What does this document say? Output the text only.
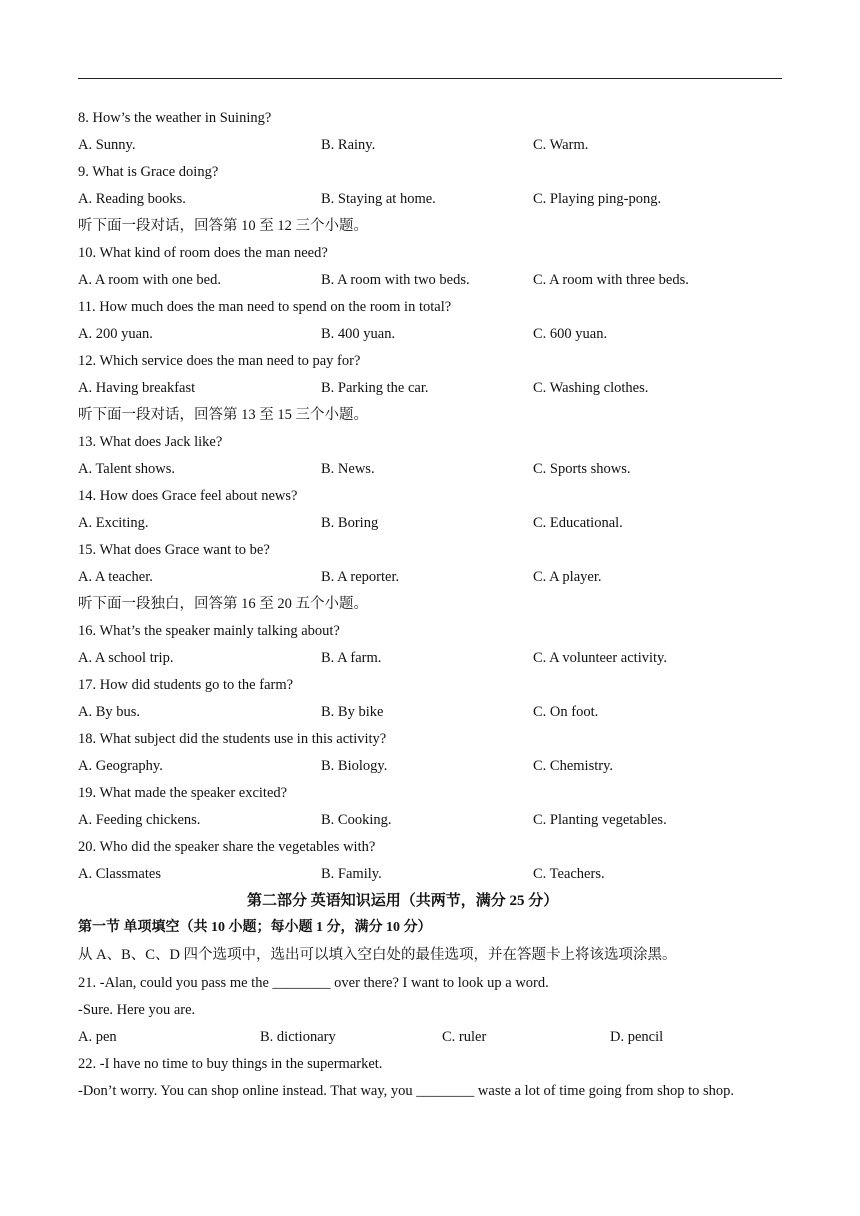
8. How’s the weather in Suining?
A. Sunny.	B. Rainy.	C. Warm.
9. What is Grace doing?
A. Reading books.	B. Staying at home.	C. Playing ping-pong.
听下面一段对话，回答第 10 至 12 三个小题。
10. What kind of room does the man need?
A. A room with one bed.	B. A room with two beds.	C. A room with three beds.
11. How much does the man need to spend on the room in total?
A. 200 yuan.	B. 400 yuan.	C. 600 yuan.
12. Which service does the man need to pay for?
A. Having breakfast	B. Parking the car.	C. Washing clothes.
听下面一段对话，回答第 13 至 15 三个小题。
13. What does Jack like?
A. Talent shows.	B. News.	C. Sports shows.
14. How does Grace feel about news?
A. Exciting.	B. Boring	C. Educational.
15. What does Grace want to be?
A. A teacher.	B. A reporter.	C. A player.
听下面一段独白，回答第 16 至 20 五个小题。
16. What’s the speaker mainly talking about?
A. A school trip.	B. A farm.	C. A volunteer activity.
17. How did students go to the farm?
A. By bus.	B. By bike	C. On foot.
18. What subject did the students use in this activity?
A. Geography.	B. Biology.	C. Chemistry.
19. What made the speaker excited?
A. Feeding chickens.	B. Cooking.	C. Planting vegetables.
20. Who did the speaker share the vegetables with?
A. Classmates	B. Family.	C. Teachers.
第二部分 英语知识运用（共两节，满分 25 分）
第一节 单项填空（共 10 小题；每小题 1 分，满分 10 分）
从 A、B、C、D 四个选项中，选出可以填入空白处的最佳选项，并在答题卡上将该选项涂黑。
21. -Alan, could you pass me the ________ over there? I want to look up a word.
-Sure. Here you are.
A. pen	B. dictionary	C. ruler	D. pencil
22. -I have no time to buy things in the supermarket.
-Don’t worry. You can shop online instead. That way, you ________ waste a lot of time going from shop to shop.
